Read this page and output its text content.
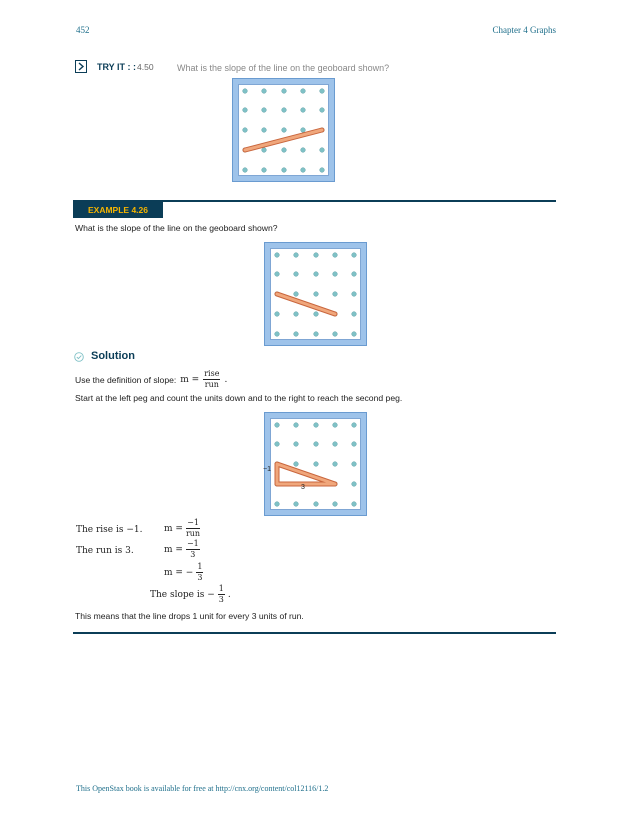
452	Chapter 4 Graphs
TRY IT : : 4.50	What is the slope of the line on the geoboard shown?
EXAMPLE 4.26
What is the slope of the line on the geoboard shown?
Solution
Use the definition of slope: $m = \frac{\text{rise}}{\text{run}}$ .
Start at the left peg and count the units down and to the right to reach the second peg.
−1
3
The rise is −1. $m = \frac{-1}{\text{run}}$
The run is 3.	$m = \frac{-1}{3}$
m = − $\frac{1}{3}$
The slope is − $\frac{1}{3}$ .
This means that the line drops 1 unit for every 3 units of run.
This OpenStax book is available for free at http://cnx.org/content/col12116/1.2
